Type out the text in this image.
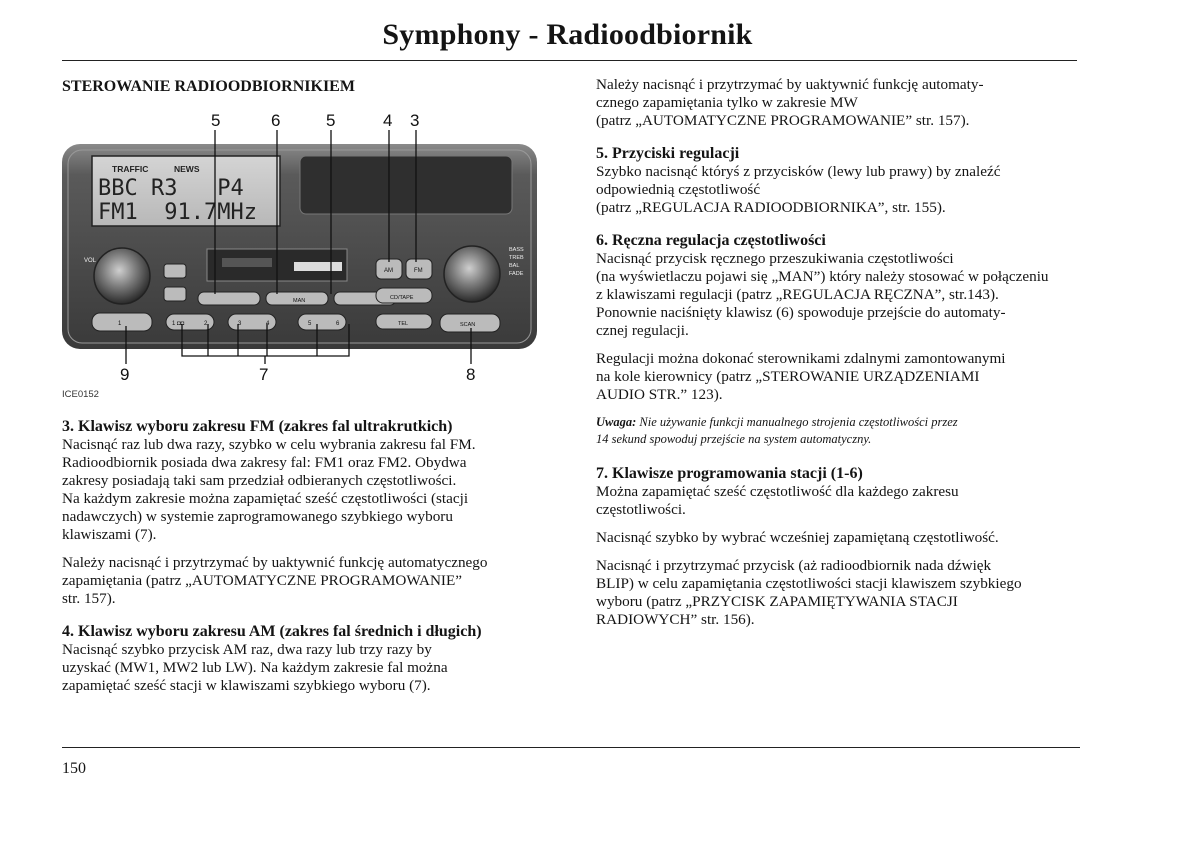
Symphony - Radioodbiornik
STEROWANIE RADIOODBIORNIKIEM
TRAFFIC	NEWS
BBC R3   P4
FM1  91.7MHz
VOL
BASS
TREB
BAL
FADE
MAN
AM	FM
CD/TAPE
TEL	SCAN
1	1 ◘◘	2	3	4	5	6
5	6	5	4 3
9	7	8
ICE0152
3. Klawisz wyboru zakresu FM (zakres fal ultrakrutkich)

Nacisnąć raz lub dwa razy, szybko w celu wybrania zakresu fal FM.
Radioodbiornik posiada dwa zakresy fal: FM1 oraz FM2. Obydwa
zakresy posiadają taki sam przedział odbieranych częstotliwości.
Na każdym zakresie można zapamiętać sześć częstotliwości (stacji
nadawczych) w systemie zaprogramowanego szybkiego wyboru
klawiszami (7).

Należy nacisnąć i przytrzymać by uaktywnić funkcję automatycznego
zapamiętania (patrz „AUTOMATYCZNE PROGRAMOWANIE”
str. 157).

4. Klawisz wyboru zakresu AM (zakres fal średnich i długich)

Nacisnąć szybko przycisk AM raz, dwa razy lub trzy razy by
uzyskać (MW1, MW2 lub LW). Na każdym zakresie fal można
zapamiętać sześć stacji w klawiszami szybkiego wyboru (7).

Należy nacisnąć i przytrzymać by uaktywnić funkcję automaty-
cznego zapamiętania tylko w zakresie MW
(patrz „AUTOMATYCZNE PROGRAMOWANIE” str. 157).

5. Przyciski regulacji

Szybko nacisnąć któryś z przycisków (lewy lub prawy) by znaleźć
odpowiednią częstotliwość
(patrz „REGULACJA RADIOODBIORNIKA”, str. 155).

6. Ręczna regulacja częstotliwości

Nacisnąć przycisk ręcznego przeszukiwania częstotliwości
(na wyświetlaczu pojawi się „MAN”) który należy stosować w połączeniu
z klawiszami regulacji (patrz „REGULACJA RĘCZNA”, str.143).
Ponownie naciśnięty klawisz (6) spowoduje przejście do automaty-
cznej regulacji.

Regulacji można dokonać sterownikami zdalnymi zamontowanymi
na kole kierownicy (patrz „STEROWANIE URZĄDZENIAMI
AUDIO STR.” 123).

Uwaga: Nie używanie funkcji manualnego strojenia częstotliwości przez
14 sekund spowoduj przejście na system automatyczny.
7. Klawisze programowania stacji (1-6)

Można zapamiętać sześć częstotliwość dla każdego zakresu
częstotliwości.

Nacisnąć szybko by wybrać wcześniej zapamiętaną częstotliwość.

Nacisnąć i przytrzymać przycisk (aż radioodbiornik nada dźwięk
BLIP) w celu zapamiętania częstotliwości stacji klawiszem szybkiego
wyboru (patrz „PRZYCISK ZAPAMIĘTYWANIA STACJI
RADIOWYCH” str. 156).

150
